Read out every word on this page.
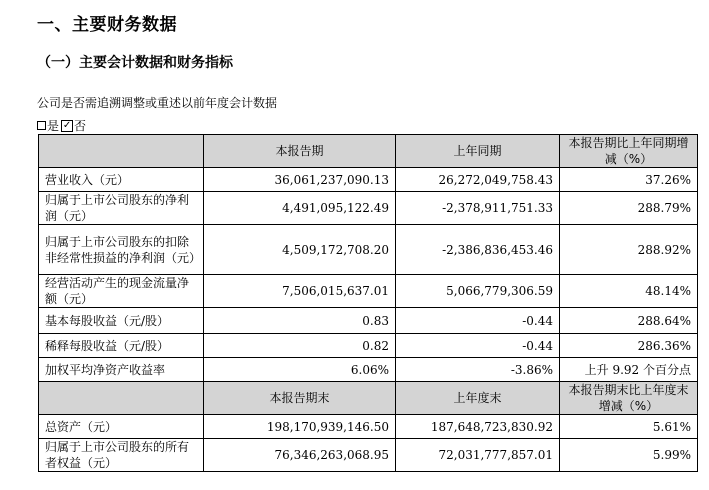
一、主要财务数据
（一）主要会计数据和财务指标
公司是否需追溯调整或重述以前年度会计数据
是 ✓ 否
	本报告期	上年同期	本报告期比上年同期增减（%）
营业收入（元）	36,061,237,090.13	26,272,049,758.43	37.26%
归属于上市公司股东的净利润（元）	4,491,095,122.49	-2,378,911,751.33	288.79%
归属于上市公司股东的扣除非经常性损益的净利润（元）	4,509,172,708.20	-2,386,836,453.46	288.92%
经营活动产生的现金流量净额（元）	7,506,015,637.01	5,066,779,306.59	48.14%
基本每股收益（元/股）	0.83	-0.44	288.64%
稀释每股收益（元/股）	0.82	-0.44	286.36%
加权平均净资产收益率	6.06%	-3.86%	上升 9.92 个百分点
	本报告期末	上年度末	本报告期末比上年度末增减（%）
总资产（元）	198,170,939,146.50	187,648,723,830.92	5.61%
归属于上市公司股东的所有者权益（元）	76,346,263,068.95	72,031,777,857.01	5.99%
